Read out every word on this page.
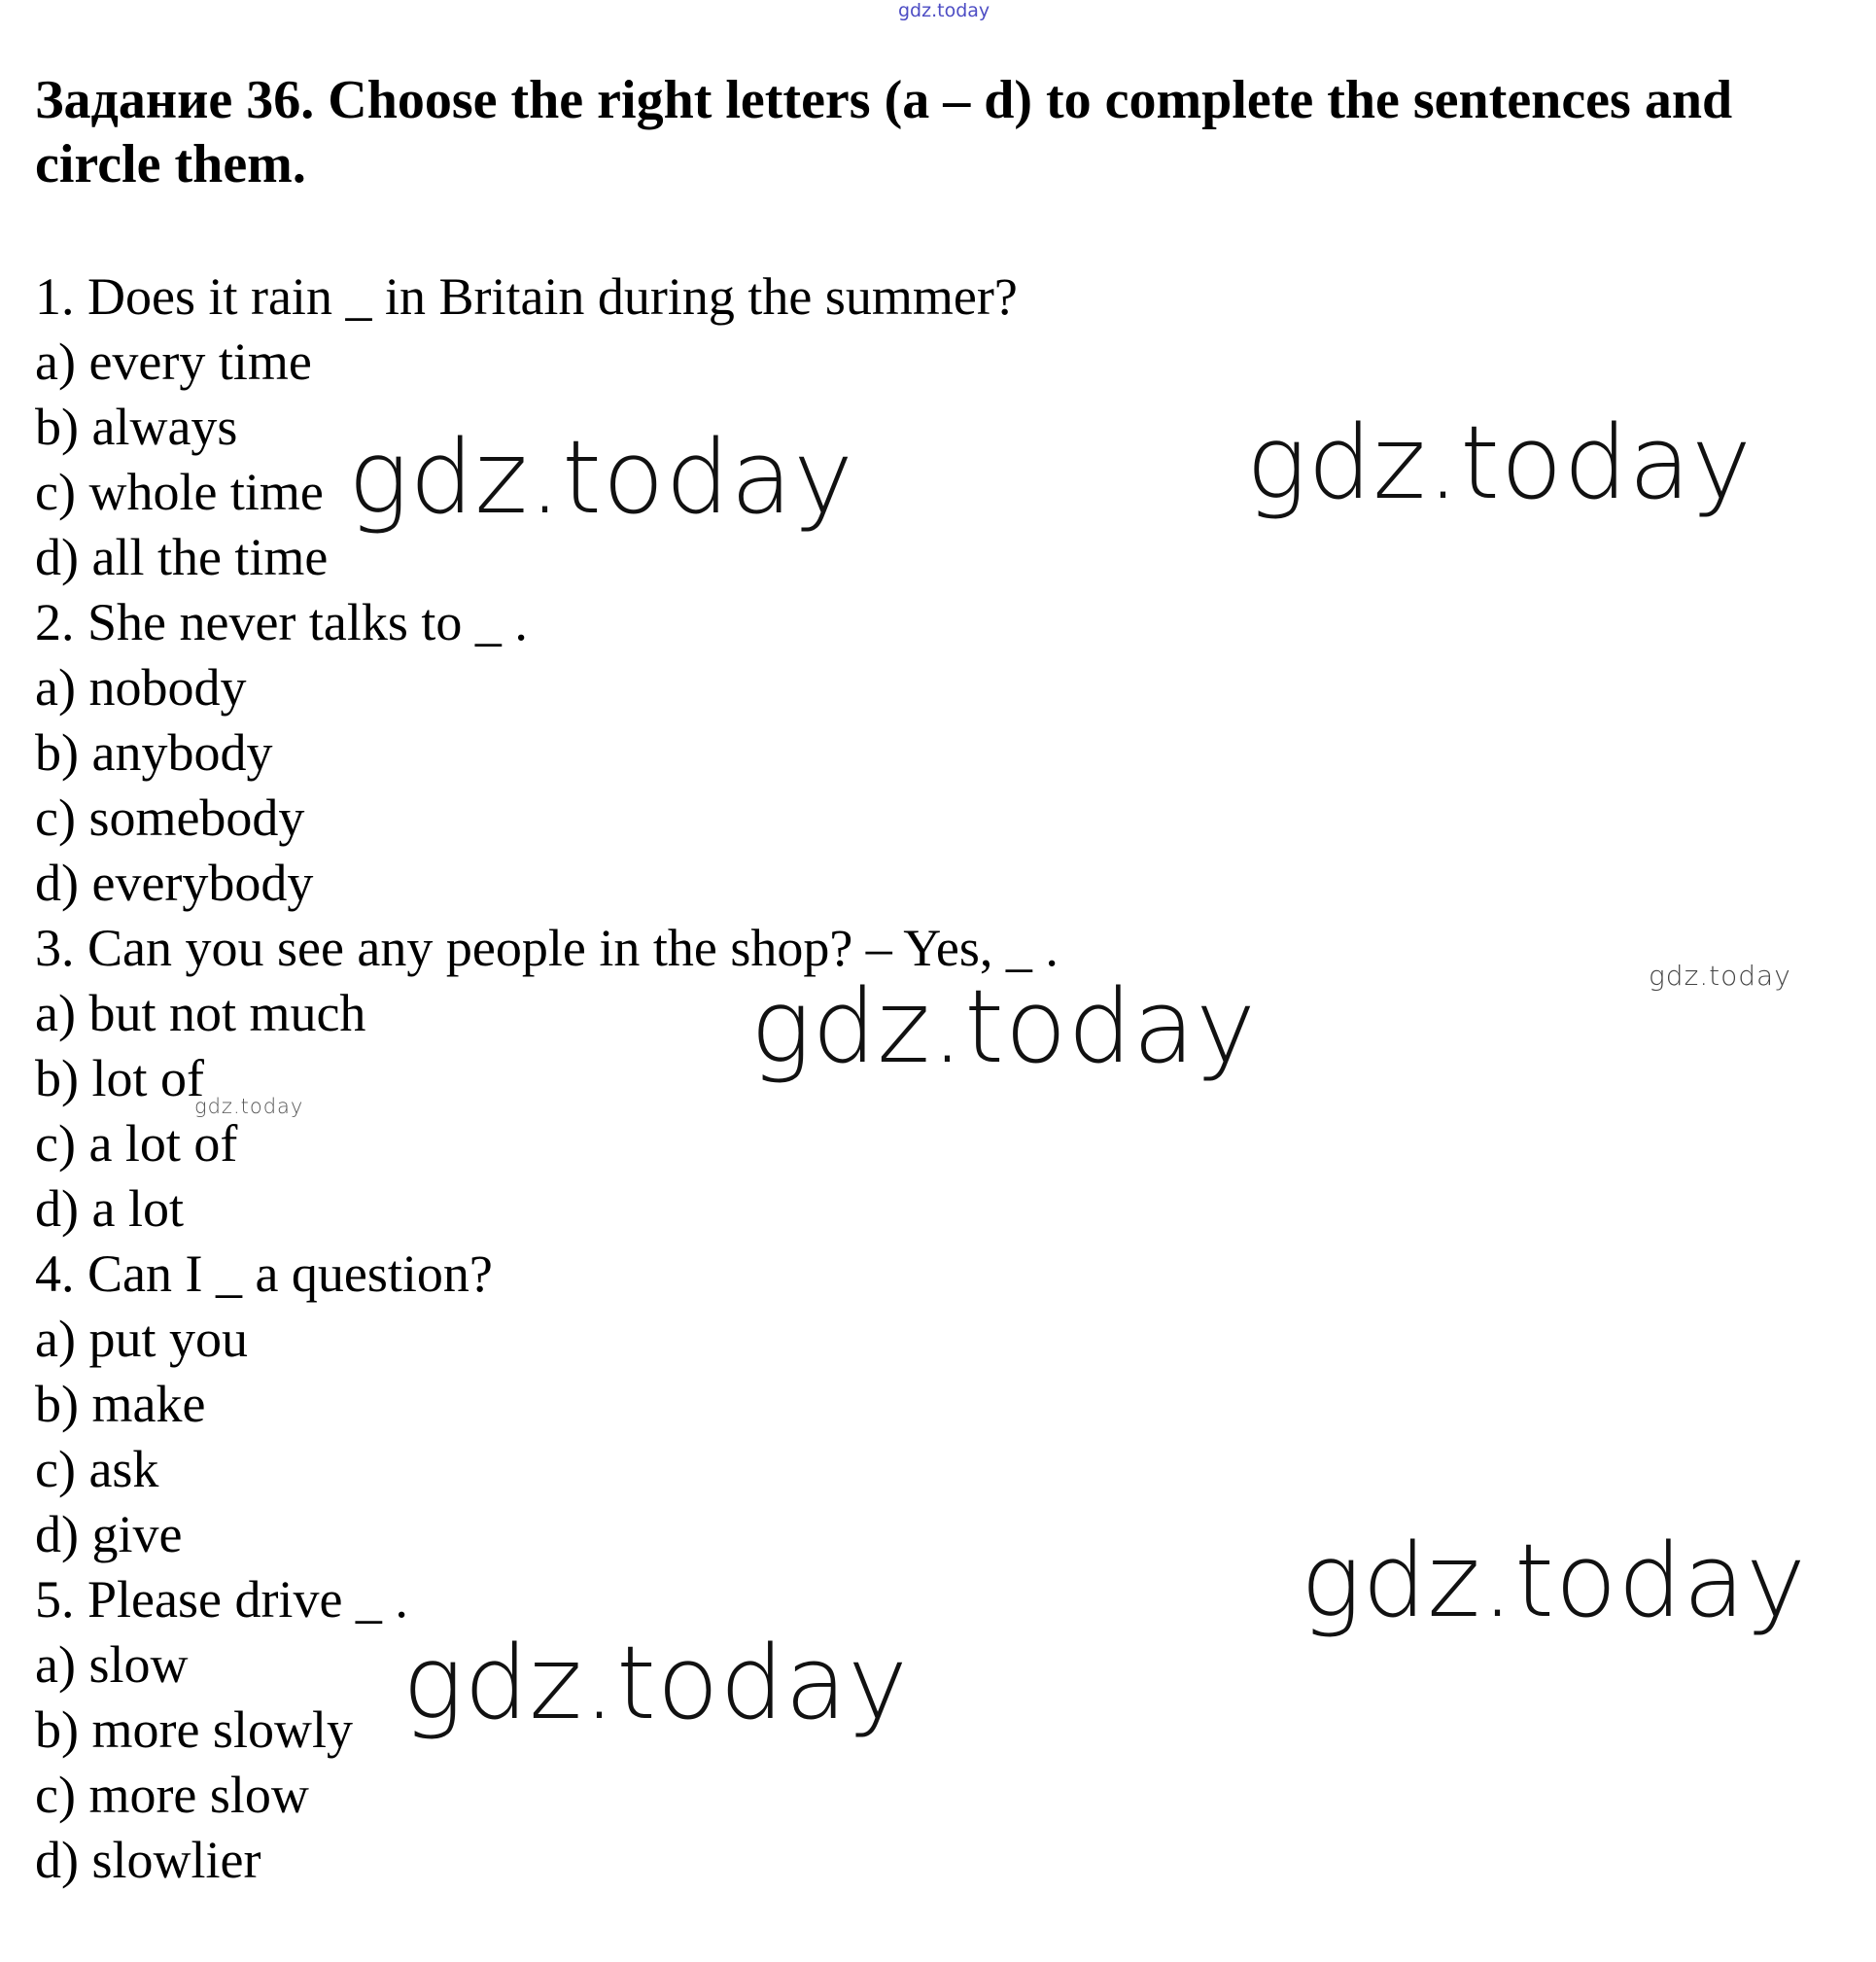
gdz.today
Задание 36. Choose the right letters (a – d) to complete the sentences and circle them.
1. Does it rain _ in Britain during the summer?
a) every time
b) always
c) whole time
d) all the time
2. She never talks to _ .
a) nobody
b) anybody
c) somebody
d) everybody
3. Can you see any people in the shop? – Yes, _ .
a) but not much
b) lot of
c) a lot of
d) a lot
4. Can I _ a question?
a) put you
b) make
c) ask
d) give
5. Please drive _ .
a) slow
b) more slowly
c) more slow
d) slowlier
gdz.today	gdz.today
gdz.today
gdz.today
gdz.today
gdz.today
gdz.today
